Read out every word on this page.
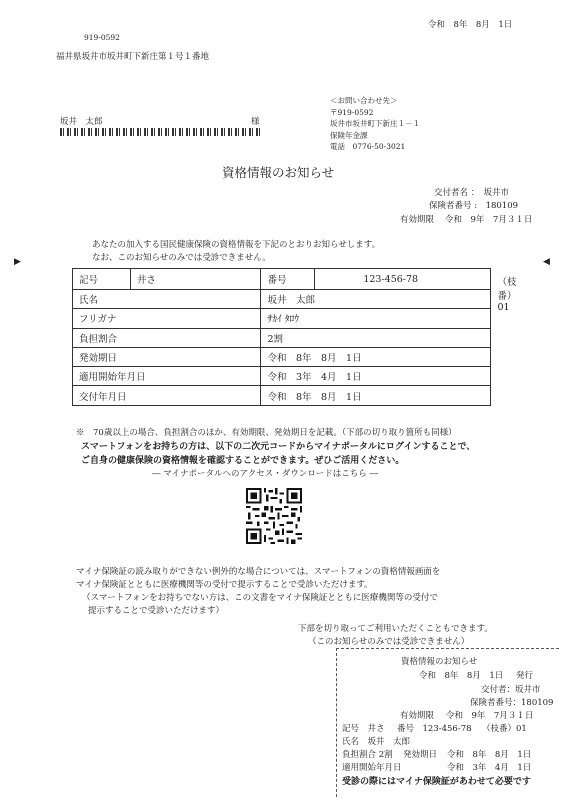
令和　8年　8月　1日
919-0592
福井県坂井市坂井町下新庄第１号１番地
坂井　太郎	様
＜お問い合わせ先＞
〒919-0592
坂井市坂井町下新庄１－１
保険年金課
電話　0776-50-3021
資格情報のお知らせ
交付者名 ：　坂井市
保険者番号 :　180109
有効期限 令和　9年　7月３１日
あなたの加入する国民健康保険の資格情報を下記のとおりお知らせします。
なお、このお知らせのみでは受診できません。
▶	◀
記号	井さ	番号	123-456-78 （枝番）01

氏名		坂井　太郎	
フリガナ		ｻｶｲ ﾀﾛｳ	
負担割合		2割	
発効期日		令和　8年　8月　1日	
適用開始年月日		令和　3年　4月　1日	
交付年月日		令和　8年　8月　1日	
※　70歳以上の場合、負担割合のほか、有効期限、発効期日を記載。（下部の切り取り箇所も同様）
スマートフォンをお持ちの方は、以下の二次元コードからマイナポータルにログインすることで、
ご自身の健康保険の資格情報を確認することができます。ぜひご活用ください。
― マイナポータルへのアクセス・ダウンロードはこちら ―
マイナ保険証の読み取りができない例外的な場合については、スマートフォンの資格情報画面を
マイナ保険証とともに医療機関等の受付で提示することで受診いただけます。
（スマートフォンをお持ちでない方は、この文書をマイナ保険証とともに医療機関等の受付で
提示することで受診いただけます）
下部を切り取ってご利用いただくこともできます。
（このお知らせのみでは受診できません）
資格情報のお知らせ
令和　8年　8月　1日 発行
交付者：坂井市
保険者番号：180109
有効期限 令和　9年　7月３１日
記号　井さ 番号　123-456-78 （枝番）01
氏名　坂井　太郎
負担割合 2割 発効期日 令和　8年　8月　1日
適用開始年月日	令和　3年　4月　1日
受診の際にはマイナ保険証があわせて必要です
